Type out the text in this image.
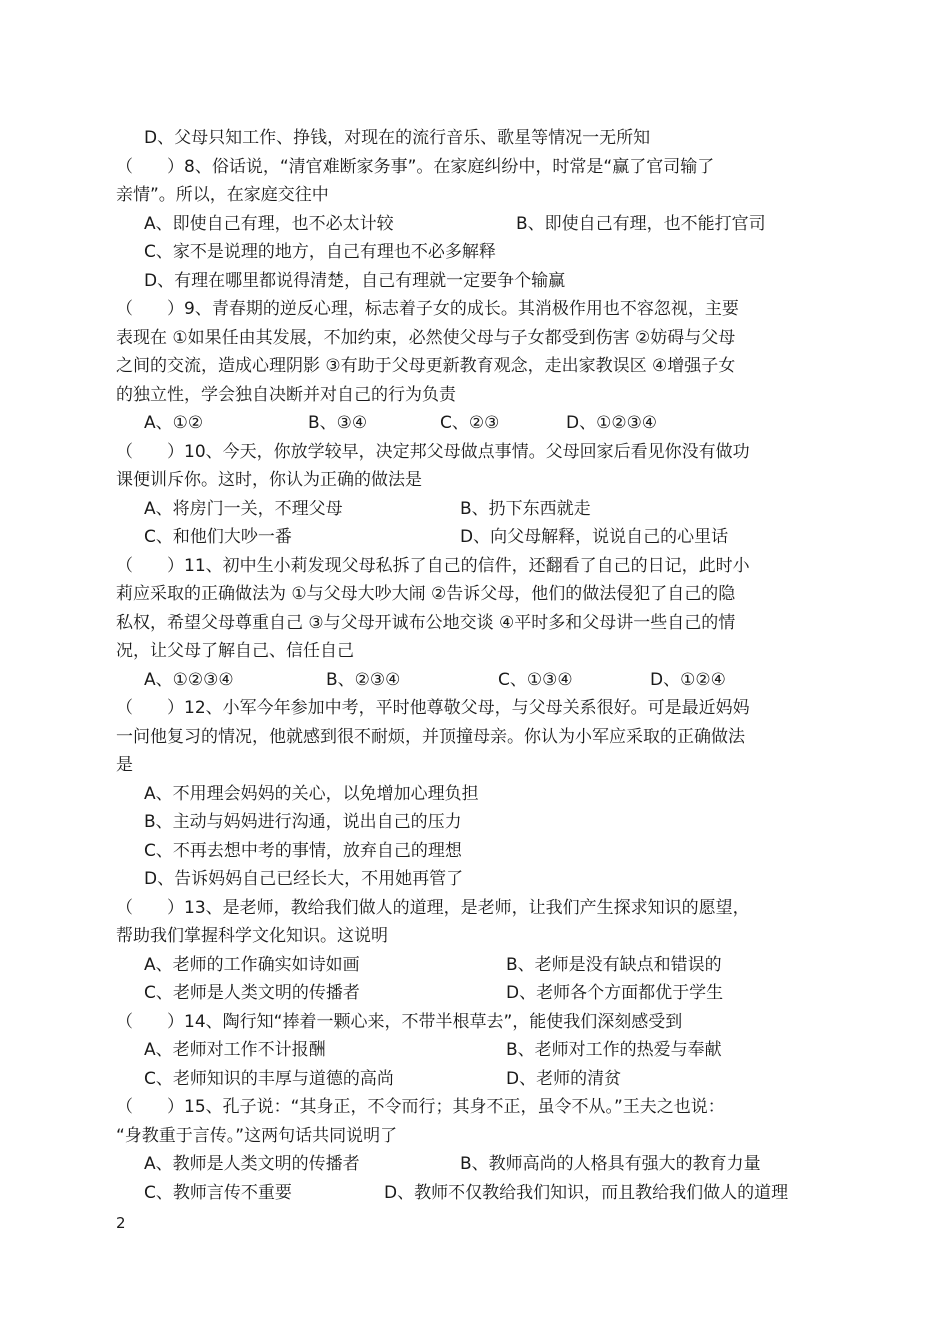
D、父母只知工作、挣钱，对现在的流行音乐、歌星等情况一无所知
（　　）8、俗话说，“清官难断家务事”。在家庭纠纷中，时常是“赢了官司输了
亲情”。所以，在家庭交往中
A、即使自己有理，也不必太计较	B、即使自己有理，也不能打官司
C、家不是说理的地方，自己有理也不必多解释
D、有理在哪里都说得清楚，自己有理就一定要争个输赢
（　　）9、青春期的逆反心理，标志着子女的成长。其消极作用也不容忽视，主要
表现在 ①如果任由其发展，不加约束，必然使父母与子女都受到伤害 ②妨碍与父母
之间的交流，造成心理阴影 ③有助于父母更新教育观念，走出家教误区 ④增强子女
的独立性，学会独自决断并对自己的行为负责
A、①②	B、③④	C、②③	D、①②③④
（　　）10、今天，你放学较早，决定邦父母做点事情。父母回家后看见你没有做功
课便训斥你。这时，你认为正确的做法是
A、将房门一关，不理父母	B、扔下东西就走
C、和他们大吵一番	D、向父母解释，说说自己的心里话
（　　）11、初中生小莉发现父母私拆了自己的信件，还翻看了自己的日记，此时小
莉应采取的正确做法为 ①与父母大吵大闹 ②告诉父母，他们的做法侵犯了自己的隐
私权，希望父母尊重自己 ③与父母开诚布公地交谈 ④平时多和父母讲一些自己的情
况，让父母了解自己、信任自己
A、①②③④	B、②③④	C、①③④	D、①②④
（　　）12、小军今年参加中考，平时他尊敬父母，与父母关系很好。可是最近妈妈
一问他复习的情况，他就感到很不耐烦，并顶撞母亲。你认为小军应采取的正确做法
是
A、不用理会妈妈的关心，以免增加心理负担
B、主动与妈妈进行沟通，说出自己的压力
C、不再去想中考的事情，放弃自己的理想
D、告诉妈妈自己已经长大，不用她再管了
（　　）13、是老师，教给我们做人的道理，是老师，让我们产生探求知识的愿望，
帮助我们掌握科学文化知识。这说明
A、老师的工作确实如诗如画	B、老师是没有缺点和错误的
C、老师是人类文明的传播者	D、老师各个方面都优于学生
（　　）14、陶行知“捧着一颗心来，不带半根草去”，能使我们深刻感受到
A、老师对工作不计报酬	B、老师对工作的热爱与奉献
C、老师知识的丰厚与道德的高尚	D、老师的清贫
（　　）15、孔子说：“其身正，不令而行；其身不正，虽令不从。”王夫之也说：
“身教重于言传。”这两句话共同说明了
A、教师是人类文明的传播者	B、教师高尚的人格具有强大的教育力量
C、教师言传不重要	D、教师不仅教给我们知识，而且教给我们做人的道理
2
